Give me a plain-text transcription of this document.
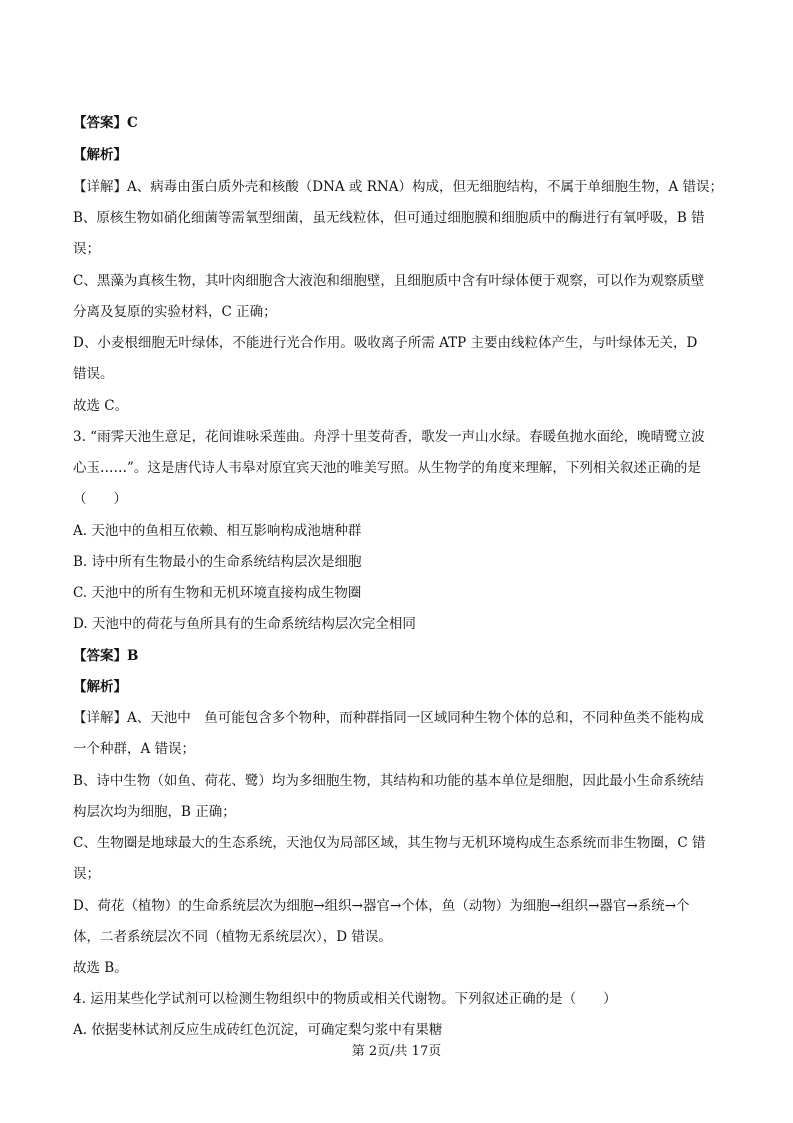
【答案】C
【解析】
【详解】A、病毒由蛋白质外壳和核酸（DNA 或 RNA）构成，但无细胞结构，不属于单细胞生物，A 错误；
B、原核生物如硝化细菌等需氧型细菌，虽无线粒体，但可通过细胞膜和细胞质中的酶进行有氧呼吸，B 错
误；
C、黑藻为真核生物，其叶肉细胞含大液泡和细胞壁，且细胞质中含有叶绿体便于观察，可以作为观察质壁
分离及复原的实验材料，C 正确；
D、小麦根细胞无叶绿体，不能进行光合作用。吸收离子所需 ATP 主要由线粒体产生，与叶绿体无关，D
错误。
故选 C。
3. “雨霁天池生意足，花间谁咏采莲曲。舟浮十里芰荷香，歌发一声山水绿。春暖鱼抛水面纶，晚晴鹭立波
心玉……”。这是唐代诗人韦皋对原宜宾天池的唯美写照。从生物学的角度来理解，下列相关叙述正确的是
（　　）
A. 天池中的鱼相互依赖、相互影响构成池塘种群
B. 诗中所有生物最小的生命系统结构层次是细胞
C. 天池中的所有生物和无机环境直接构成生物圈
D. 天池中的荷花与鱼所具有的生命系统结构层次完全相同
【答案】B
【解析】
【详解】A、天池中　鱼可能包含多个物种，而种群指同一区域同种生物个体的总和，不同种鱼类不能构成
一个种群，A 错误；
B、诗中生物（如鱼、荷花、鹭）均为多细胞生物，其结构和功能的基本单位是细胞，因此最小生命系统结
构层次均为细胞，B 正确；
C、生物圈是地球最大的生态系统，天池仅为局部区域，其生物与无机环境构成生态系统而非生物圈，C 错
误；
D、荷花（植物）的生命系统层次为细胞→组织→器官→个体，鱼（动物）为细胞→组织→器官→系统→个
体，二者系统层次不同（植物无系统层次），D 错误。
故选 B。
4. 运用某些化学试剂可以检测生物组织中的物质或相关代谢物。下列叙述正确的是（　　）
A. 依据斐林试剂反应生成砖红色沉淀，可确定梨匀浆中有果糖
第 2页/共 17页
